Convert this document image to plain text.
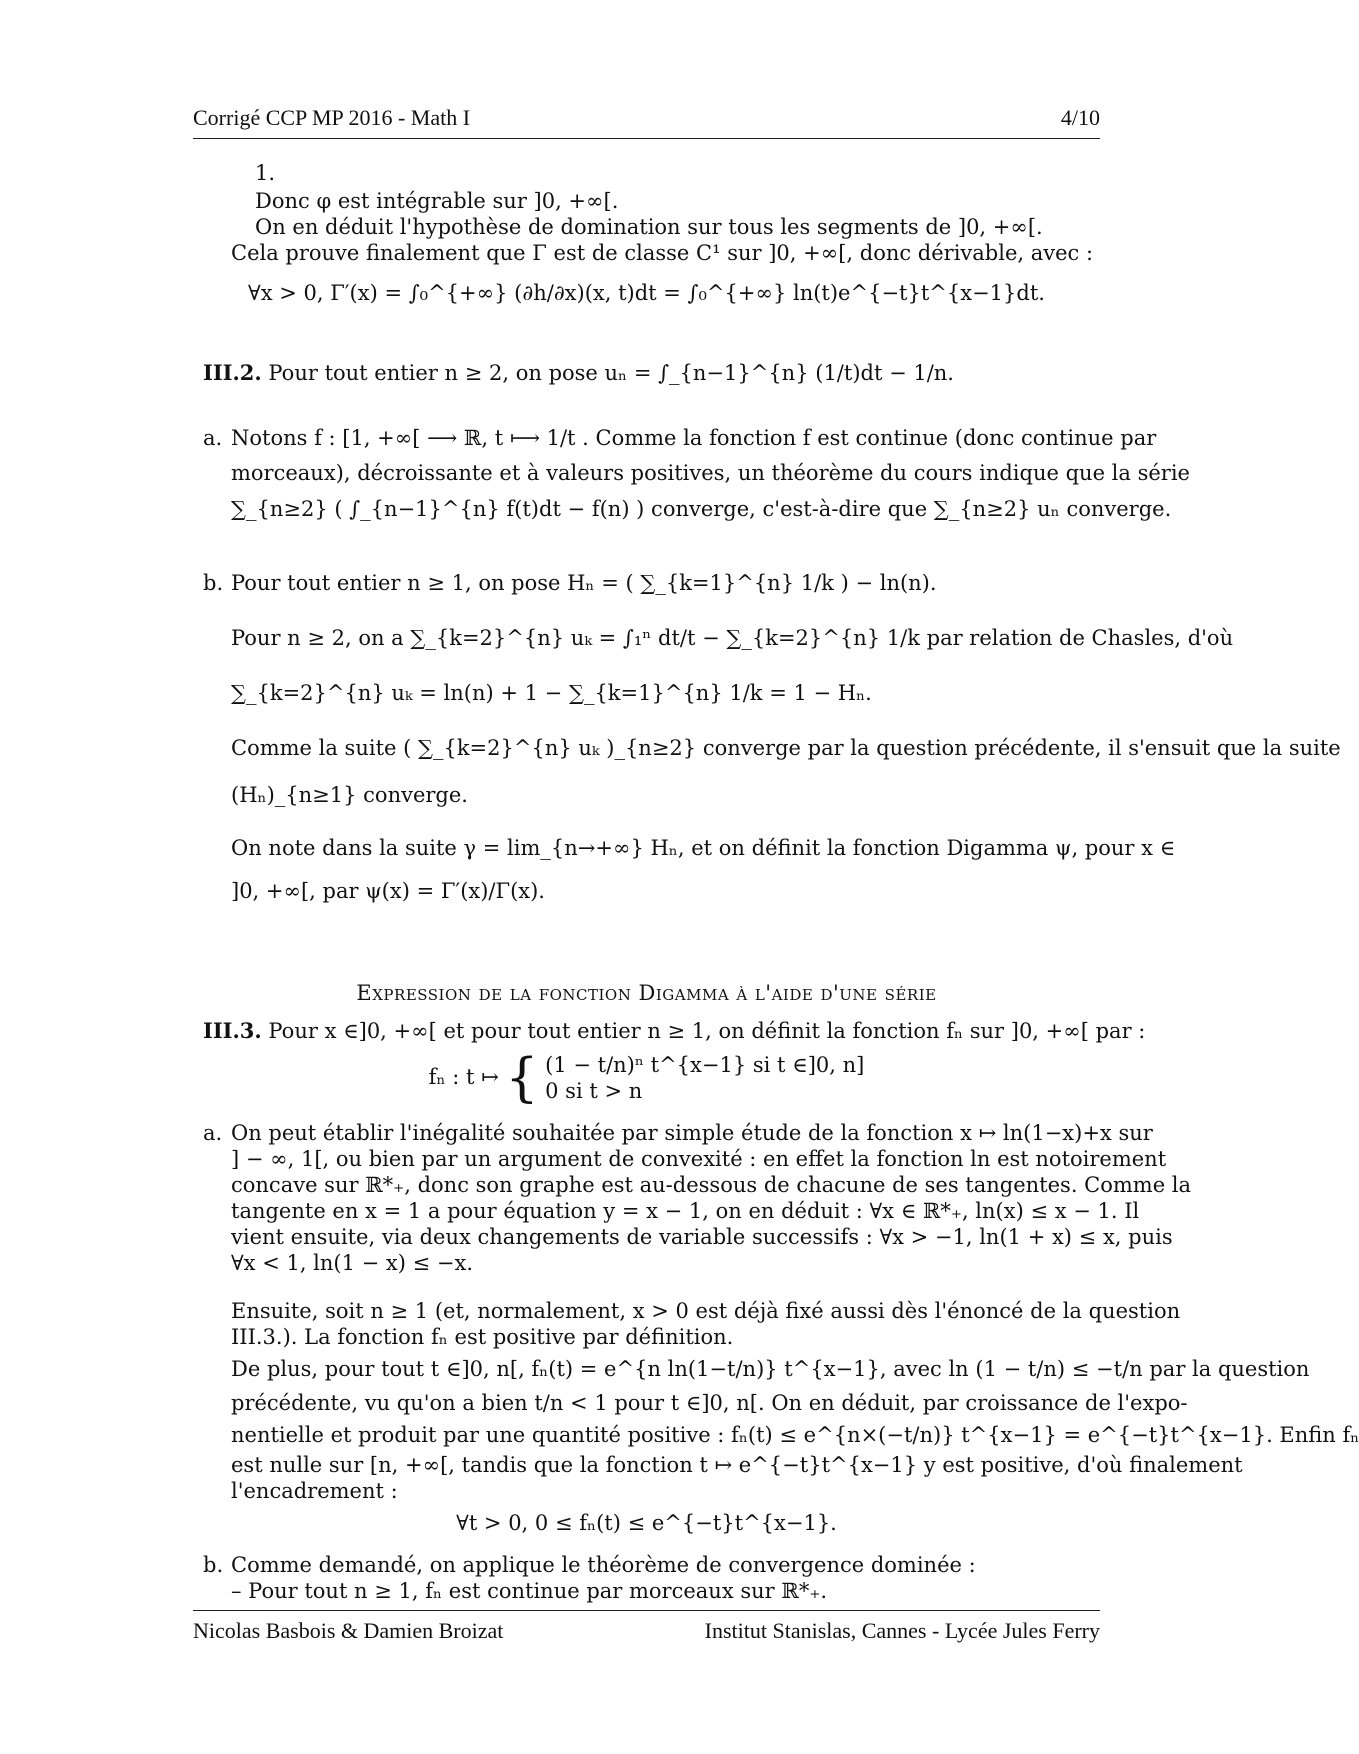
Corrigé CCP MP 2016 - Math I	4/10
1.
Donc φ est intégrable sur ]0, +∞[.
On en déduit l'hypothèse de domination sur tous les segments de ]0, +∞[.
Cela prouve finalement que Γ est de classe C¹ sur ]0, +∞[, donc dérivable, avec :
∀x > 0, Γ′(x) = ∫₀^{+∞} (∂h/∂x)(x, t)dt = ∫₀^{+∞} ln(t)e^{−t}t^{x−1}dt.
III.2. Pour tout entier n ≥ 2, on pose uₙ = ∫_{n−1}^{n} (1/t)dt − 1/n.
a. Notons f : [1, +∞[ ⟶ ℝ, t ⟼ 1/t . Comme la fonction f est continue (donc continue par
morceaux), décroissante et à valeurs positives, un théorème du cours indique que la série
∑_{n≥2} ( ∫_{n−1}^{n} f(t)dt − f(n) ) converge, c'est-à-dire que ∑_{n≥2} uₙ converge.
b. Pour tout entier n ≥ 1, on pose Hₙ = ( ∑_{k=1}^{n} 1/k ) − ln(n).
Pour n ≥ 2, on a ∑_{k=2}^{n} uₖ = ∫₁ⁿ dt/t − ∑_{k=2}^{n} 1/k par relation de Chasles, d'où
∑_{k=2}^{n} uₖ = ln(n) + 1 − ∑_{k=1}^{n} 1/k = 1 − Hₙ.
Comme la suite ( ∑_{k=2}^{n} uₖ )_{n≥2} converge par la question précédente, il s'ensuit que la suite
(Hₙ)_{n≥1} converge.
On note dans la suite γ = lim_{n→+∞} Hₙ, et on définit la fonction Digamma ψ, pour x ∈
]0, +∞[, par ψ(x) = Γ′(x)/Γ(x).
Expression de la fonction Digamma à l'aide d'une série
III.3. Pour x ∈]0, +∞[ et pour tout entier n ≥ 1, on définit la fonction fₙ sur ]0, +∞[ par :
fₙ : t ↦ { (1 − t/n)ⁿ t^{x−1} si t ∈]0, n]
0 si t > n
a. On peut établir l'inégalité souhaitée par simple étude de la fonction x ↦ ln(1−x)+x sur
] − ∞, 1[, ou bien par un argument de convexité : en effet la fonction ln est notoirement
concave sur ℝ*₊, donc son graphe est au-dessous de chacune de ses tangentes. Comme la
tangente en x = 1 a pour équation y = x − 1, on en déduit : ∀x ∈ ℝ*₊, ln(x) ≤ x − 1. Il
vient ensuite, via deux changements de variable successifs : ∀x > −1, ln(1 + x) ≤ x, puis
∀x < 1, ln(1 − x) ≤ −x.
Ensuite, soit n ≥ 1 (et, normalement, x > 0 est déjà fixé aussi dès l'énoncé de la question
III.3.). La fonction fₙ est positive par définition.
De plus, pour tout t ∈]0, n[, fₙ(t) = e^{n ln(1−t/n)} t^{x−1}, avec ln (1 − t/n) ≤ −t/n par la question
précédente, vu qu'on a bien t/n < 1 pour t ∈]0, n[. On en déduit, par croissance de l'expo-
nentielle et produit par une quantité positive : fₙ(t) ≤ e^{n×(−t/n)} t^{x−1} = e^{−t}t^{x−1}. Enfin fₙ
est nulle sur [n, +∞[, tandis que la fonction t ↦ e^{−t}t^{x−1} y est positive, d'où finalement
l'encadrement :
∀t > 0, 0 ≤ fₙ(t) ≤ e^{−t}t^{x−1}.
b. Comme demandé, on applique le théorème de convergence dominée :
– Pour tout n ≥ 1, fₙ est continue par morceaux sur ℝ*₊.
Nicolas Basbois & Damien Broizat	Institut Stanislas, Cannes - Lycée Jules Ferry
